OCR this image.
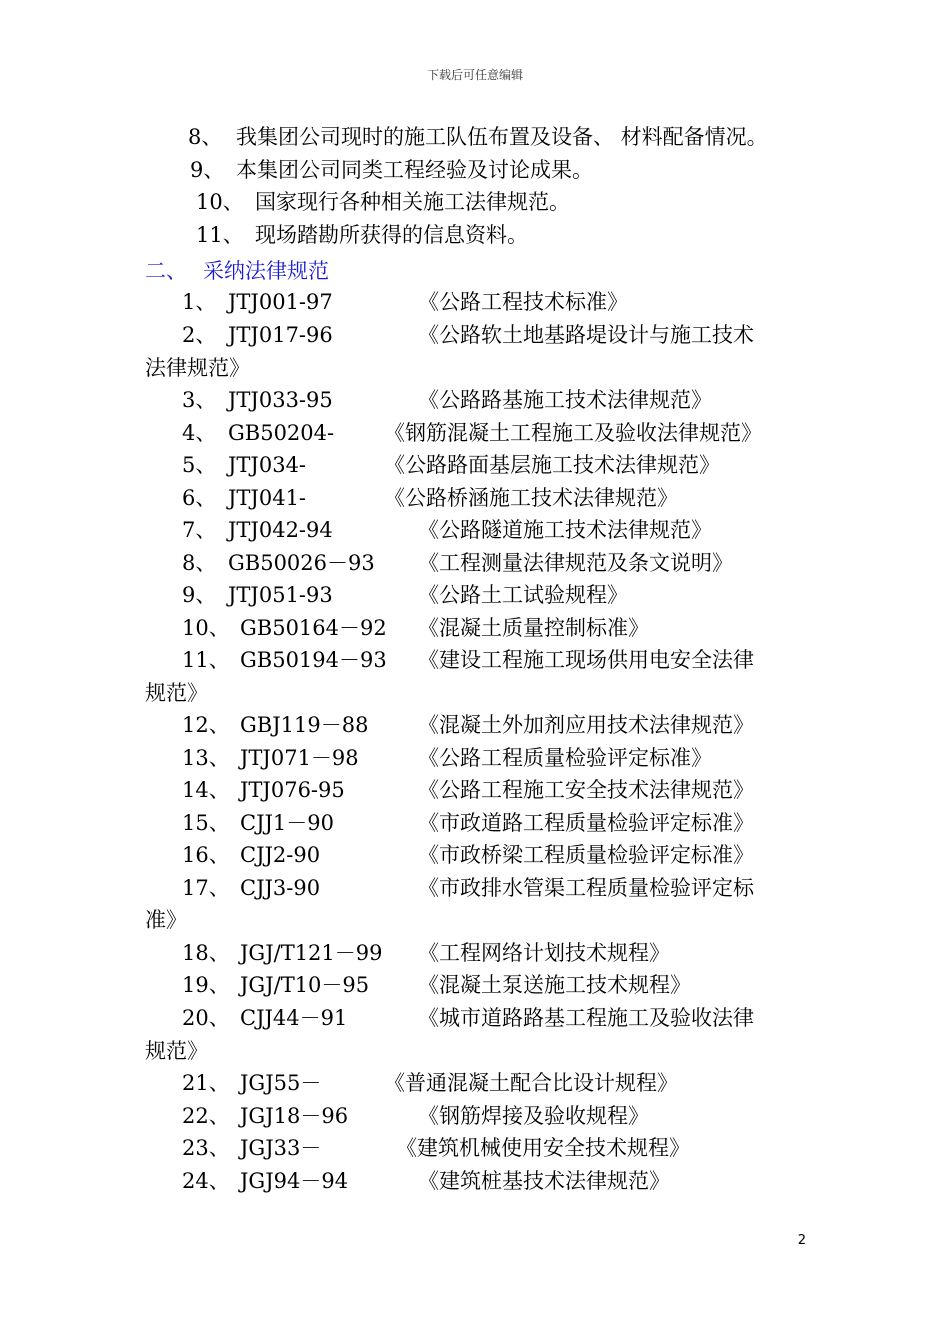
下载后可任意编辑
8、 我集团公司现时的施工队伍布置及设备、 材料配备情况。
9、 本集团公司同类工程经验及讨论成果。
10、 国家现行各种相关施工法律规范。
11、 现场踏勘所获得的信息资料。
二、 采纳法律规范
1、 JTJ001-97	《公路工程技术标准》
2、 JTJ017-96	《公路软土地基路堤设计与施工技术
法律规范》
3、 JTJ033-95	《公路路基施工技术法律规范》
4、 GB50204- 《钢筋混凝土工程施工及验收法律规范》
5、 JTJ034-	《公路路面基层施工技术法律规范》
6、 JTJ041-	《公路桥涵施工技术法律规范》
7、 JTJ042-94	《公路隧道施工技术法律规范》
8、 GB50026－93 《工程测量法律规范及条文说明》
9、 JTJ051-93	《公路土工试验规程》
10、 GB50164－92 《混凝土质量控制标准》
11、 GB50194－93 《建设工程施工现场供用电安全法律
规范》
12、 GBJ119－88 《混凝土外加剂应用技术法律规范》
13、 JTJ071－98	《公路工程质量检验评定标准》
14、 JTJ076-95	《公路工程施工安全技术法律规范》
15、 CJJ1－90	《市政道路工程质量检验评定标准》
16、 CJJ2-90	《市政桥梁工程质量检验评定标准》
17、 CJJ3-90	《市政排水管渠工程质量检验评定标
准》
18、 JGJ/T121－99 《工程网络计划技术规程》
19、 JGJ/T10－95 《混凝土泵送施工技术规程》
20、 CJJ44－91	《城市道路路基工程施工及验收法律
规范》
21、 JGJ55－	《普通混凝土配合比设计规程》
22、 JGJ18－96	《钢筋焊接及验收规程》
23、 JGJ33－	《建筑机械使用安全技术规程》
24、 JGJ94－94	《建筑桩基技术法律规范》
2
